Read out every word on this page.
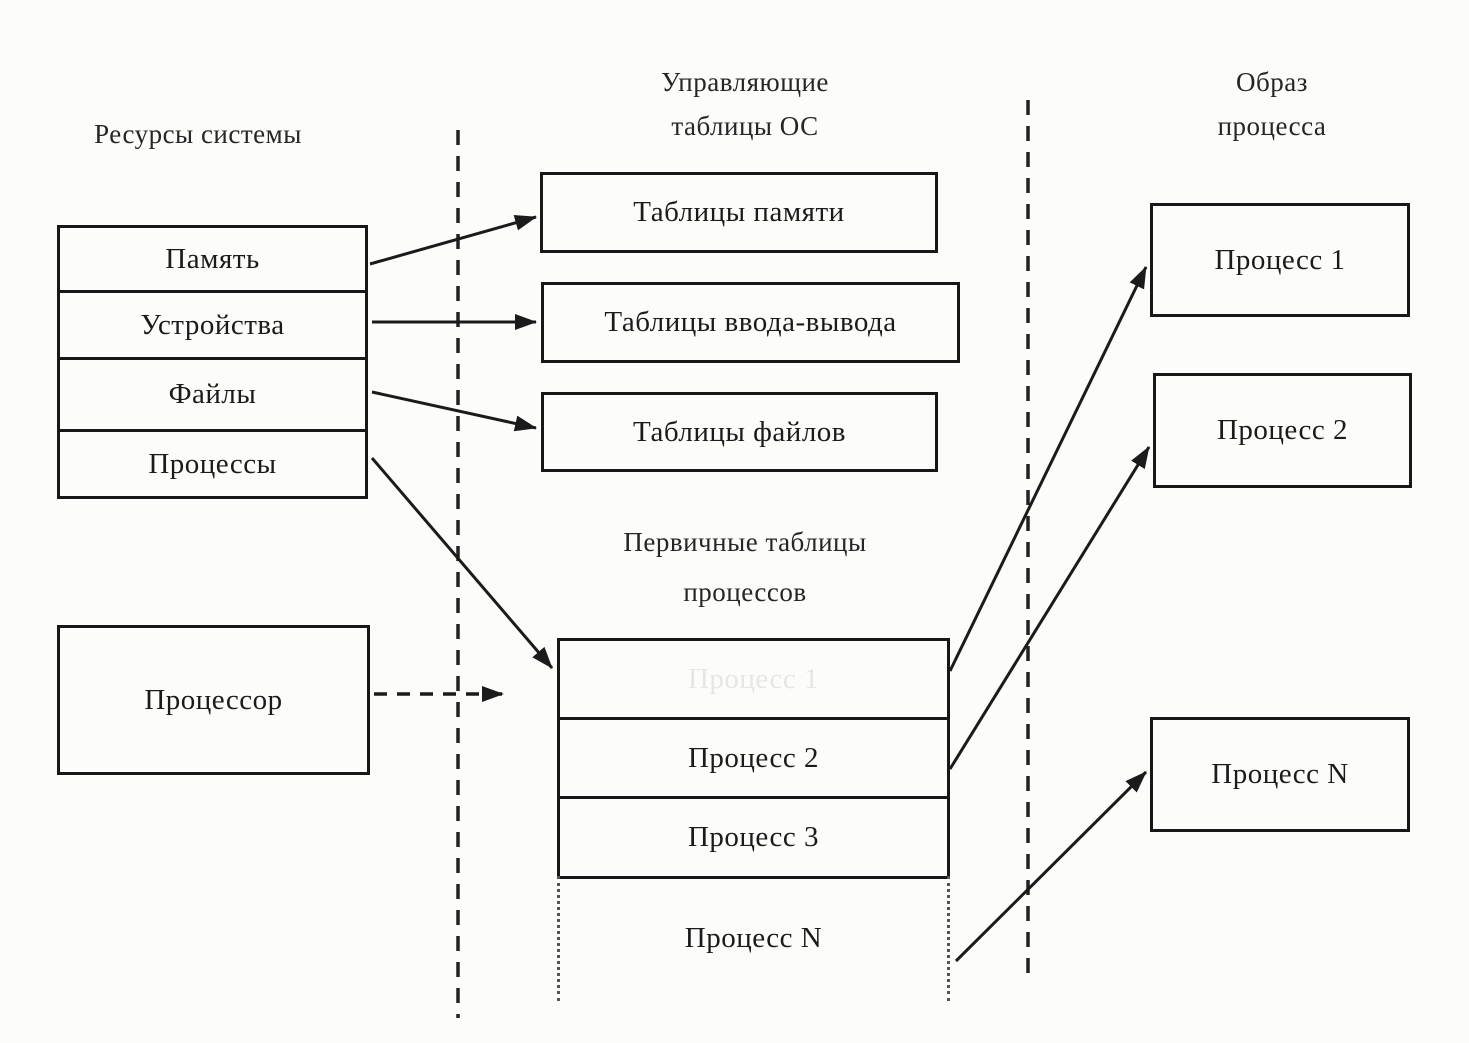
Ресурсы системы
Управляющие
таблицы ОС
Первичные таблицы
процессов
Образ
процесса
Память
Устройства
Файлы
Процессы
Процессор
Таблицы памяти
Таблицы ввода-вывода
Таблицы файлов
Процесс 1
Процесс 2
Процесс 3
Процесс N
Процесс 1
Процесс 2
Процесс N
